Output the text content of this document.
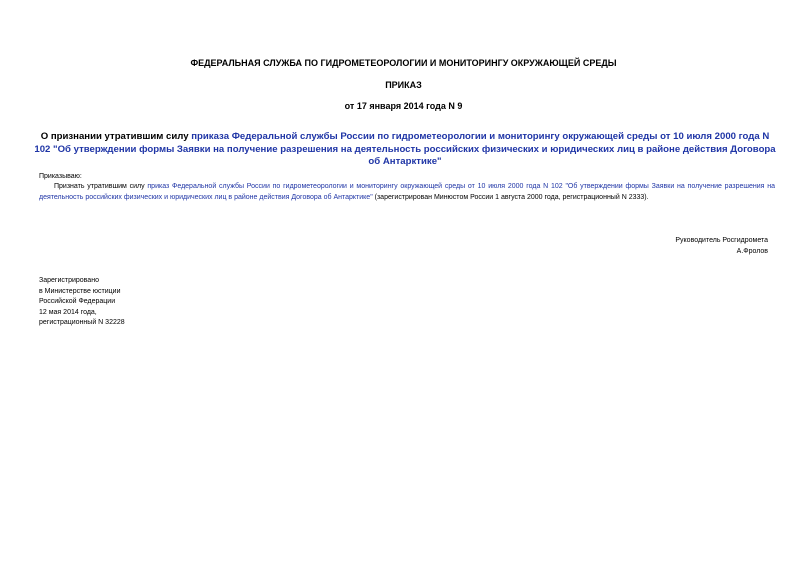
ФЕДЕРАЛЬНАЯ СЛУЖБА ПО ГИДРОМЕТЕОРОЛОГИИ И МОНИТОРИНГУ ОКРУЖАЮЩЕЙ СРЕДЫ
ПРИКАЗ
от 17 января 2014 года N 9
О признании утратившим силу приказа Федеральной службы России по гидрометеорологии и мониторингу окружающей среды от 10 июля 2000 года N 102 "Об утверждении формы Заявки на получение разрешения на деятельность российских физических и юридических лиц в районе действия Договора об Антарктике"
Приказываю:
Признать утратившим силу приказ Федеральной службы России по гидрометеорологии и мониторингу окружающей среды от 10 июля 2000 года N 102 "Об утверждении формы Заявки на получение разрешения на деятельность российских физических и юридических лиц в районе действия Договора об Антарктике" (зарегистрирован Минюстом России 1 августа 2000 года, регистрационный N 2333).
Руководитель Росгидромета
А.Фролов
Зарегистрировано
в Министерстве юстиции
Российской Федерации
12 мая 2014 года,
регистрационный N 32228
